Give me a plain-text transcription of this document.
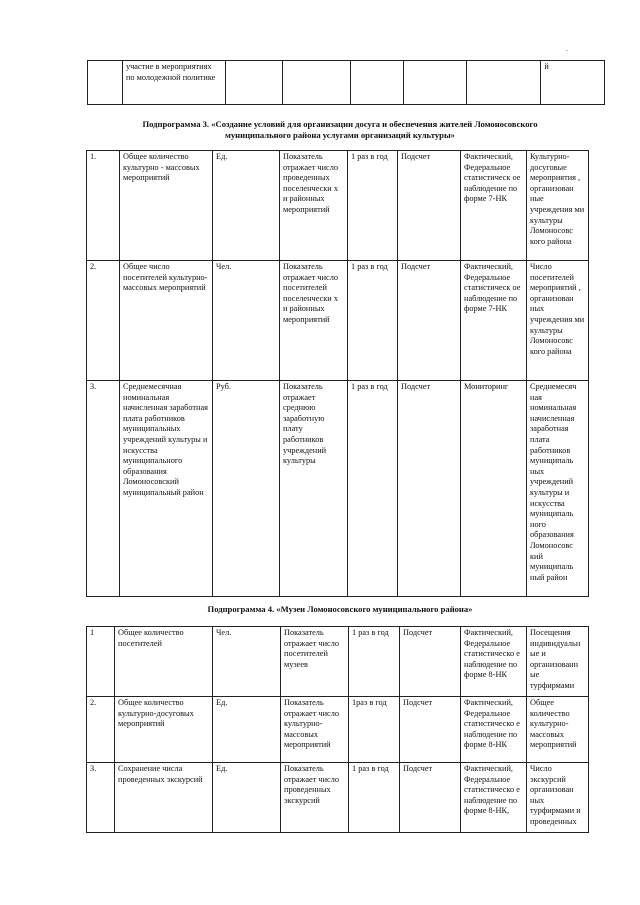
.
	участие в мероприятиях по молодежной политике						й
Подпрограмма 3. «Создание условий для организации досуга и обеспечения жителей Ломоносовского
муниципального района услугами организаций культуры»
1.	Общее количество культурно - массовых мероприятий	Ед.	Показатель отражает число проведенных поселенчески х и районных мероприятий	1 раз в год	Подсчет	Фактический, Федеральное статистическ ое наблюдение по форме 7-НК	Культурно-досуговые мероприятия , организован ные учреждения ми культуры Ломоносовс кого района
2.	Общее число посетителей культурно-массовых мероприятий	Чел.	Показатель отражает число посетителей поселенчески х и районных мероприятий	1 раз в год	Подсчет	Фактический, Федеральное статистическ ое наблюдение по форме 7-НК	Число посетителей мероприятий , организован ных учреждения ми культуры Ломоносовс кого района
3.	Среднемесячная номинальная начисленная заработная плата работников муниципальных учреждений культуры и искусства муниципального образования Ломоносовский муниципальный район	Руб.	Показатель отражает среднюю заработную плату работников учреждений культуры	1 раз в год	Подсчет	Мониторинг	Среднемесяч ная номинальная начисленная заработная плата работников муниципаль ных учреждений культуры и искусства муниципаль ного образования Ломоносовс кий муниципаль ный район
Подпрограмма 4. «Музеи Ломоносовского муниципального района»
1	Общее количество посетителей	Чел.	Показатель отражает число посетителей музеев	1 раз в год	Подсчет	Фактический, Федеральное статистическо е наблюдение по форме 8-НК	Посещения индивидуальн ые и организованн ые турфирмами
2.	Общее количество культурно-досуговых мероприятий	Ед.	Показатель отражает число культурно-массовых мероприятий	1раз в год	Подсчет	Фактический, Федеральное статистическо е наблюдение по форме 8-НК	Общее количество культурно-массовых мероприятий
3.	Сохранение числа проведенных экскурсий	Ед.	Показатель отражает число проведенных экскурсий	1 раз в год	Подсчет	Фактический, Федеральное статистическо е наблюдение по форме 8-НК,	Число экскурсий организован ных турфирмами и проведенных
